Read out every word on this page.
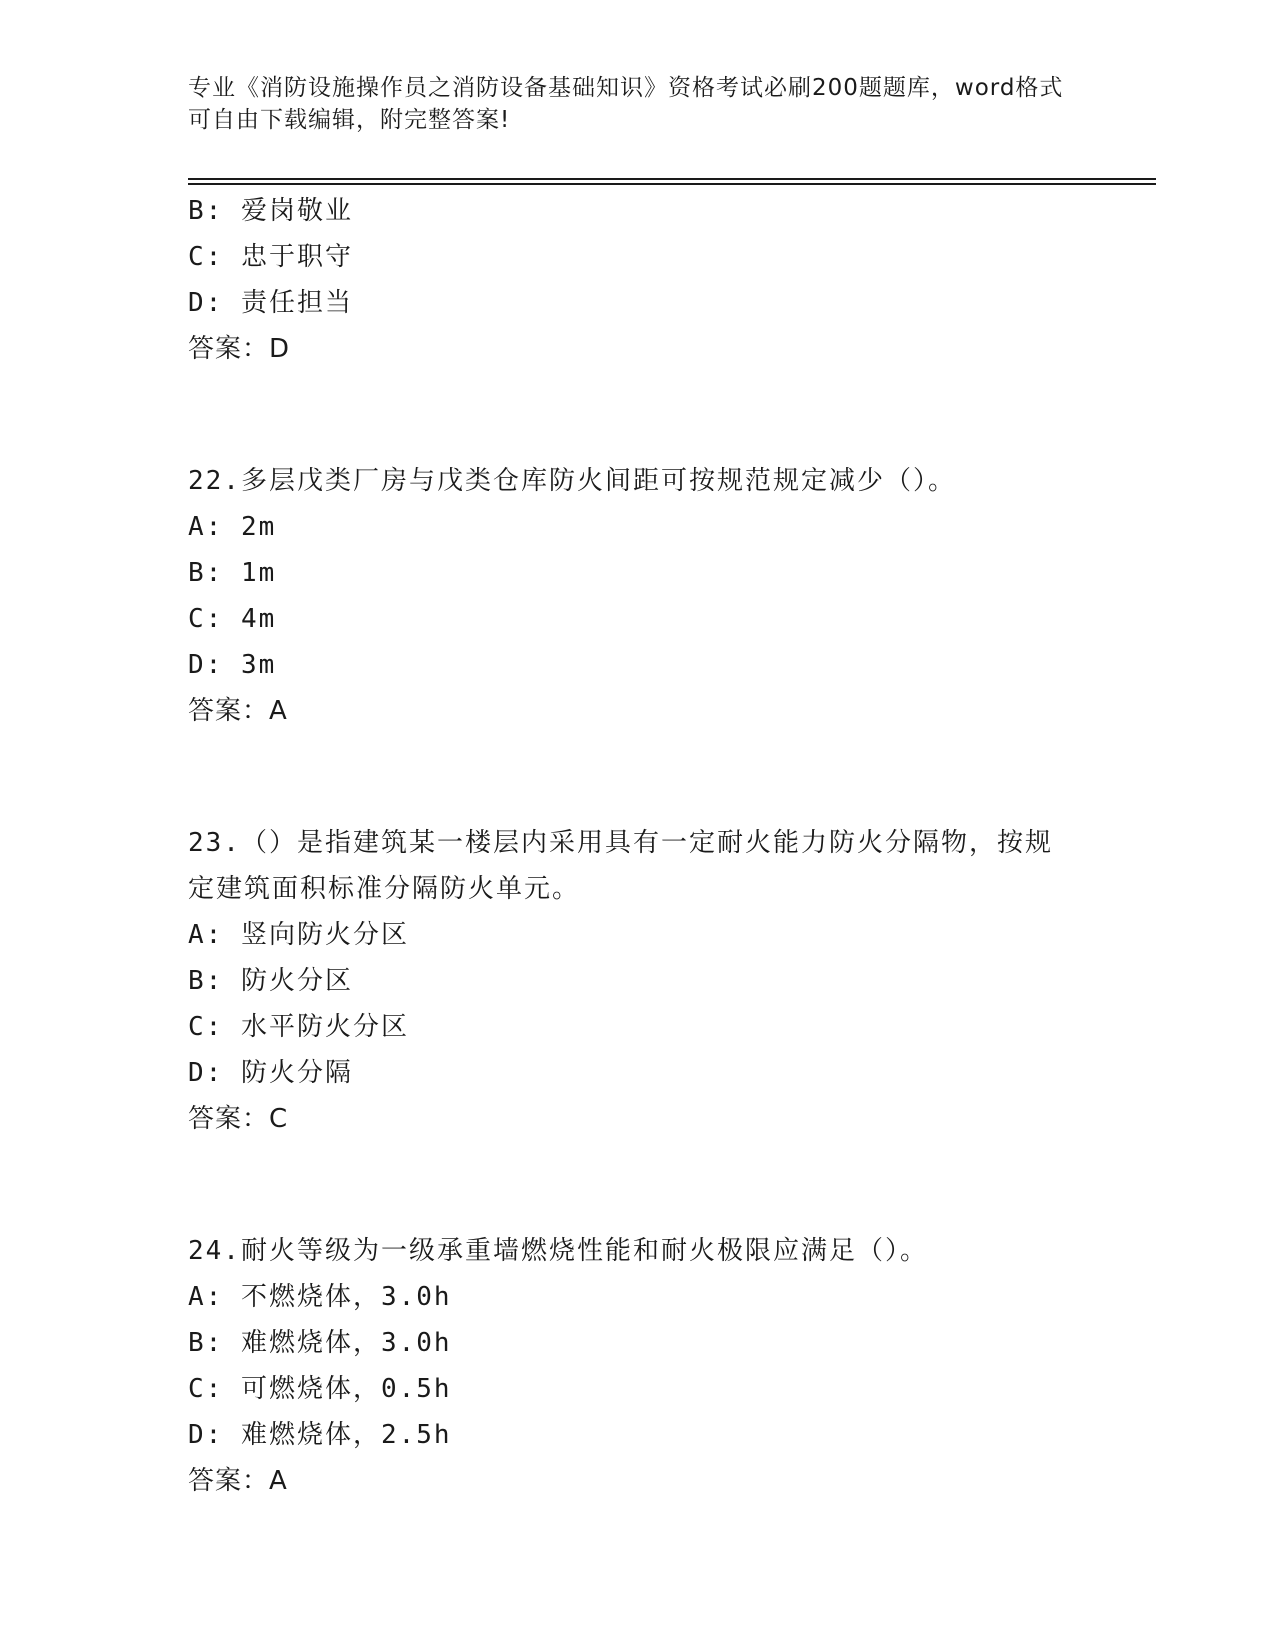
专业《消防设施操作员之消防设备基础知识》资格考试必刷200题题库，word格式可自由下载编辑，附完整答案!
B: 爱岗敬业
C: 忠于职守
D: 责任担当
答案：D
22.多层戊类厂房与戊类仓库防火间距可按规范规定减少（）。
A: 2m
B: 1m
C: 4m
D: 3m
答案：A
23.（）是指建筑某一楼层内采用具有一定耐火能力防火分隔物，按规
定建筑面积标准分隔防火单元。
A: 竖向防火分区
B: 防火分区
C: 水平防火分区
D: 防火分隔
答案：C
24.耐火等级为一级承重墙燃烧性能和耐火极限应满足（）。
A: 不燃烧体，3.0h
B: 难燃烧体，3.0h
C: 可燃烧体，0.5h
D: 难燃烧体，2.5h
答案：A
